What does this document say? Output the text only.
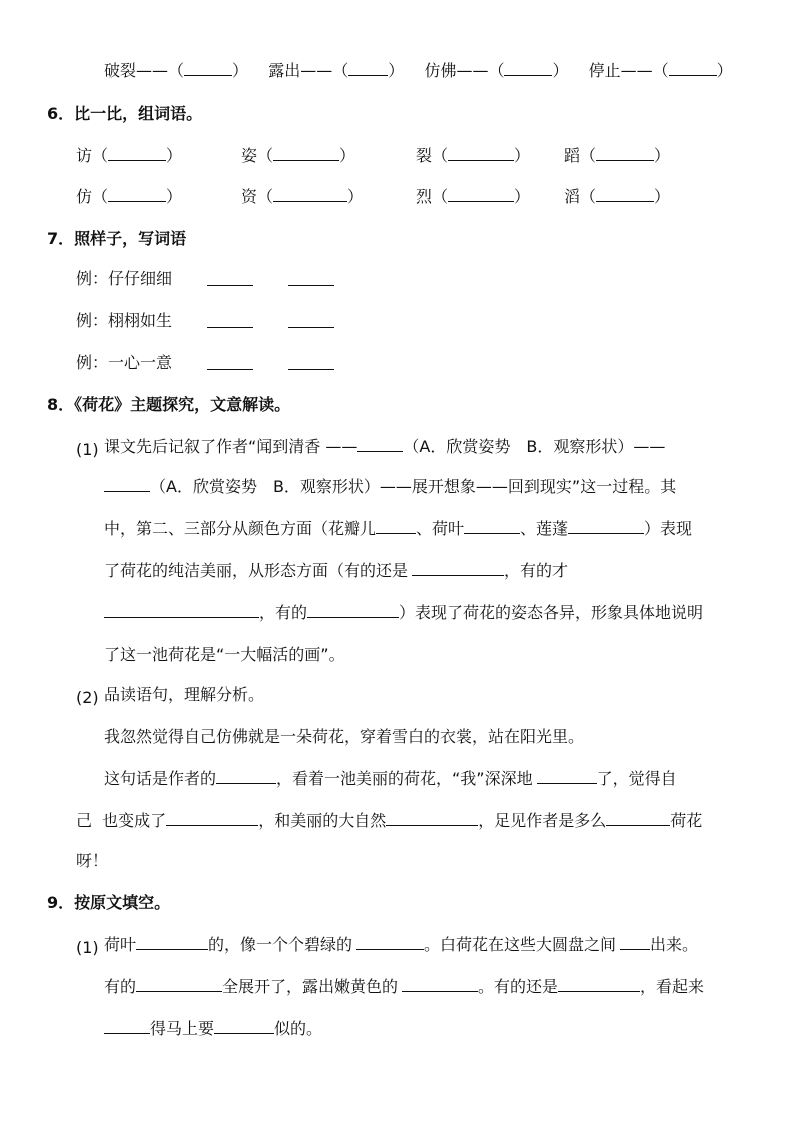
破裂——（	） 露出——（	） 仿佛——（	） 停止——（	）
6．比一比，组词语。
访（	）	姿（	）	裂（	） 蹈（	）
仿（	）	资（	）	烈（	） 滔（	）
7．照样子，写词语
例：仔仔细细
例：栩栩如生
例：一心一意
8．《荷花》主题探究，文意解读。
(1) 课文先后记叙了作者“闻到清香 ——	（A．欣赏姿势　B．观察形状）——
（A．欣赏姿势　B．观察形状）——展开想象——回到现实”这一过程。其
中，第二、三部分从颜色方面（花瓣儿	、荷叶	、莲蓬	）表现
了荷花的纯洁美丽，从形态方面（有的还是	，有的才
，有的	）表现了荷花的姿态各异，形象具体地说明
了这一池荷花是“一大幅活的画”。
(2) 品读语句，理解分析。
我忽然觉得自己仿佛就是一朵荷花，穿着雪白的衣裳，站在阳光里。
这句话是作者的	，看着一池美丽的荷花，“我”深深地	了，觉得自
己  也变成了	，和美丽的大自然	，足见作者是多么	荷花
呀！
9．按原文填空。
(1) 荷叶	的，像一个个碧绿的	。白荷花在这些大圆盘之间 出来。
有的	全展开了，露出嫩黄色的	。有的还是	，看起来
得马上要	似的。
